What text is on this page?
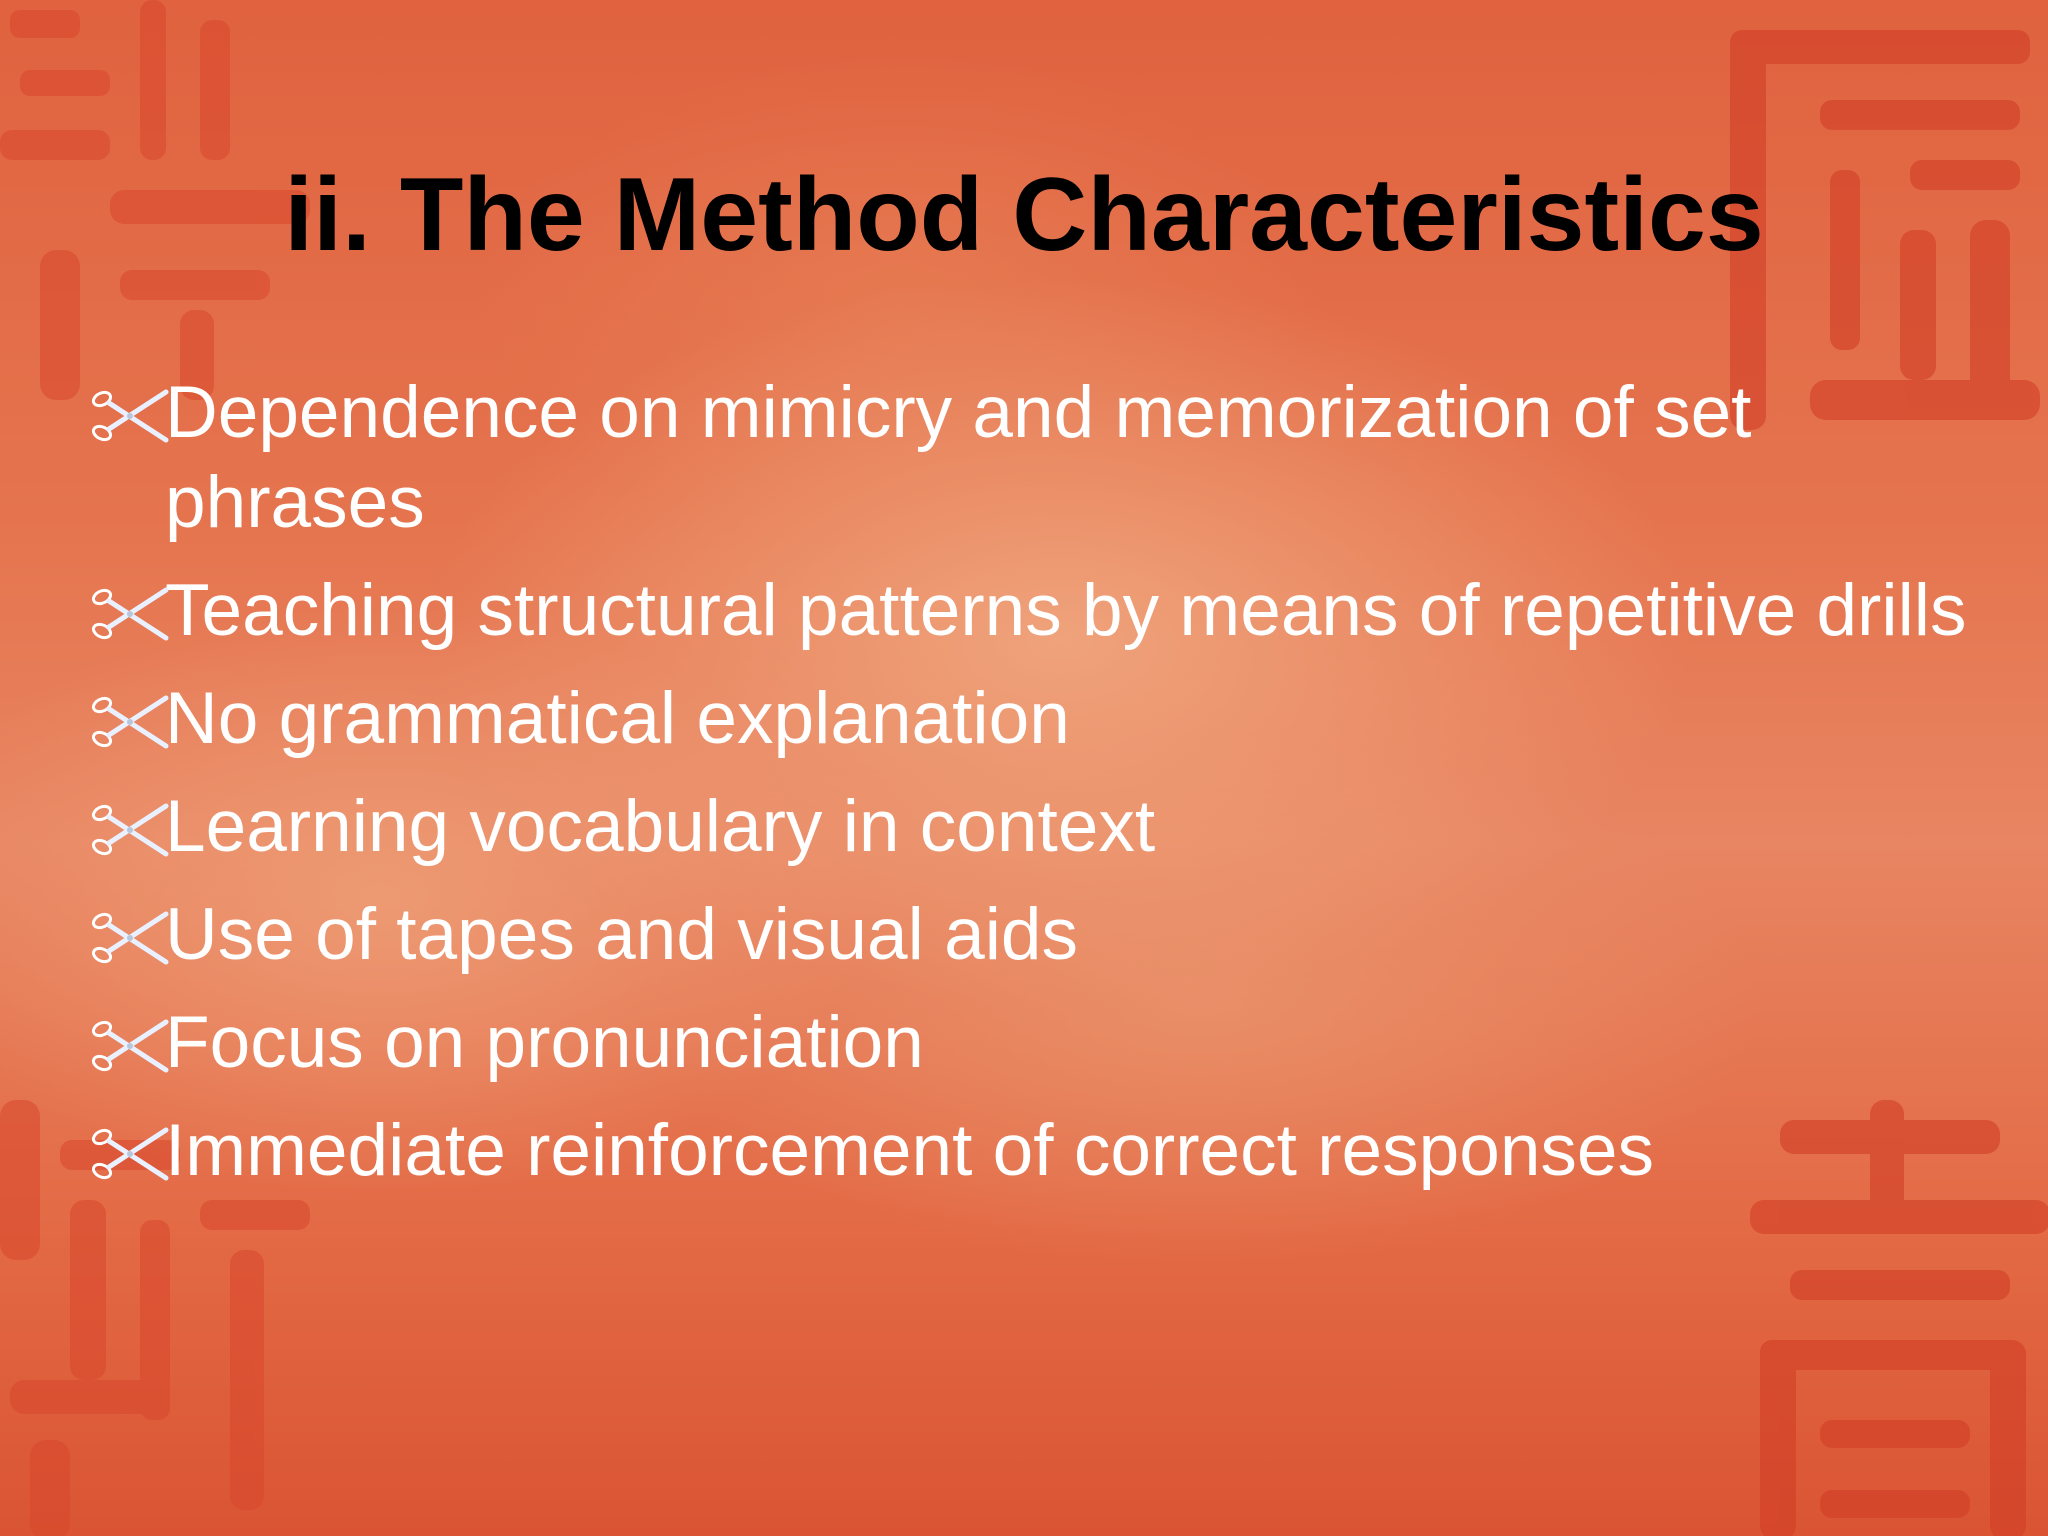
ii. The Method Characteristics
Dependence on mimicry and memorization of set phrases
Teaching structural patterns by means of repetitive drills
No grammatical explanation
Learning vocabulary in context
Use of tapes and visual aids
Focus on pronunciation
Immediate reinforcement of correct responses
